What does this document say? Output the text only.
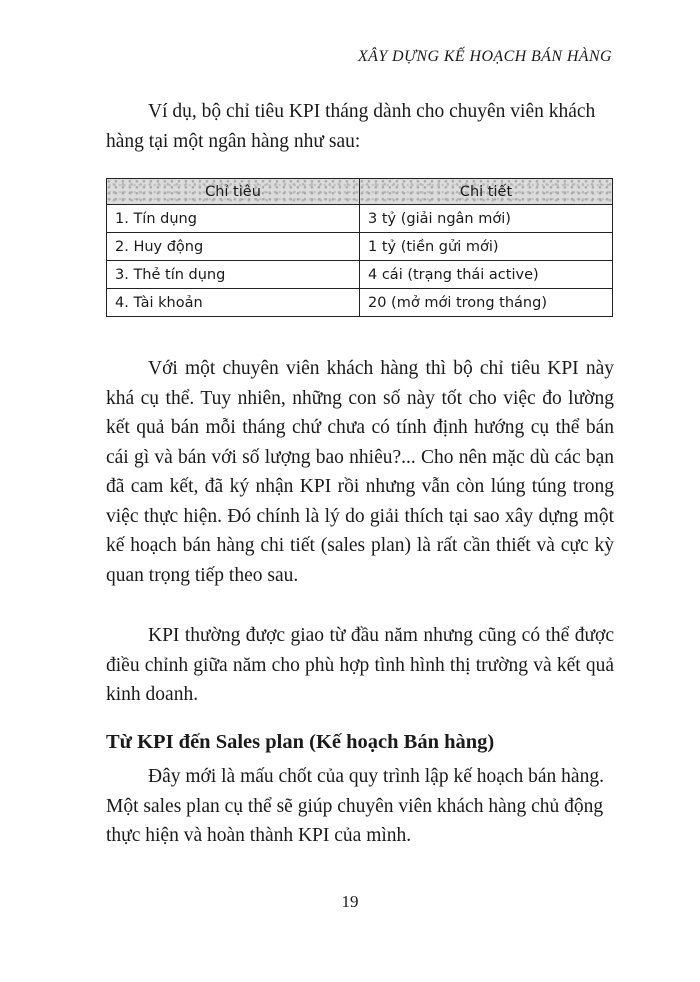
XÂY DỰNG KẾ HOẠCH BÁN HÀNG

Ví dụ, bộ chỉ tiêu KPI tháng dành cho chuyên viên khách hàng tại một ngân hàng như sau:

Chỉ tiêu	Chi tiết
1. Tín dụng	3 tỷ (giải ngân mới)
2. Huy động	1 tỷ (tiền gửi mới)
3. Thẻ tín dụng	4 cái (trạng thái active)
4. Tài khoản	20 (mở mới trong tháng)

Với một chuyên viên khách hàng thì bộ chỉ tiêu KPI này khá cụ thể. Tuy nhiên, những con số này tốt cho việc đo lường kết quả bán mỗi tháng chứ chưa có tính định hướng cụ thể bán cái gì và bán với số lượng bao nhiêu?... Cho nên mặc dù các bạn đã cam kết, đã ký nhận KPI rồi nhưng vẫn còn lúng túng trong việc thực hiện. Đó chính là lý do giải thích tại sao xây dựng một kế hoạch bán hàng chi tiết (sales plan) là rất cần thiết và cực kỳ quan trọng tiếp theo sau.

KPI thường được giao từ đầu năm nhưng cũng có thể được điều chỉnh giữa năm cho phù hợp tình hình thị trường và kết quả kinh doanh.

Từ KPI đến Sales plan (Kế hoạch Bán hàng)

Đây mới là mấu chốt của quy trình lập kế hoạch bán hàng. Một sales plan cụ thể sẽ giúp chuyên viên khách hàng chủ động thực hiện và hoàn thành KPI của mình.

19
